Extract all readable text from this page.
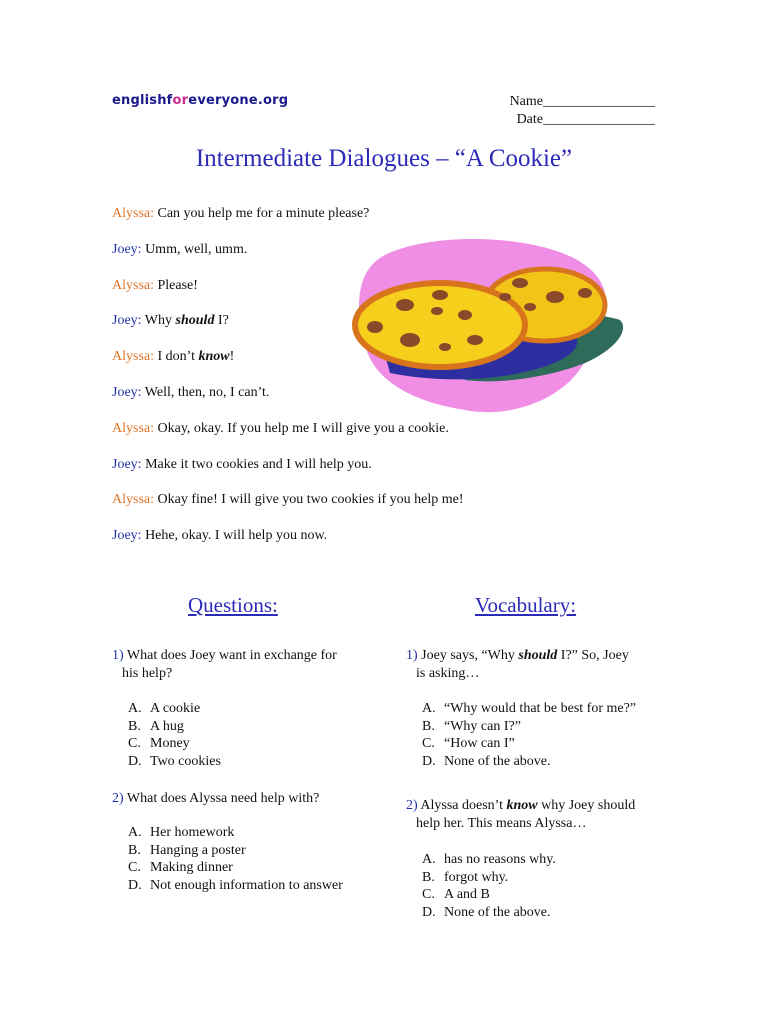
englishforeveryone.org	Name________________
Date________________
Intermediate Dialogues – “A Cookie”
Alyssa: Can you help me for a minute please?
Joey: Umm, well, umm.
Alyssa: Please!
Joey: Why should I?
Alyssa: I don’t know!
Joey: Well, then, no, I can’t.
Alyssa: Okay, okay. If you help me I will give you a cookie.
Joey: Make it two cookies and I will help you.
Alyssa: Okay fine! I will give you two cookies if you help me!
Joey: Hehe, okay. I will help you now.
Questions:	Vocabulary:
1) What does Joey want in exchange for
his help?
A. A cookie
B. A hug
C. Money
D. Two cookies
2) What does Alyssa need help with?
A. Her homework
B. Hanging a poster
C. Making dinner
D. Not enough information to answer
1) Joey says, “Why should I?” So, Joey
is asking…
A. “Why would that be best for me?”
B. “Why can I?”
C. “How can I”
D. None of the above.
2) Alyssa doesn’t know why Joey should
help her. This means Alyssa…
A. has no reasons why.
B. forgot why.
C. A and B
D. None of the above.
